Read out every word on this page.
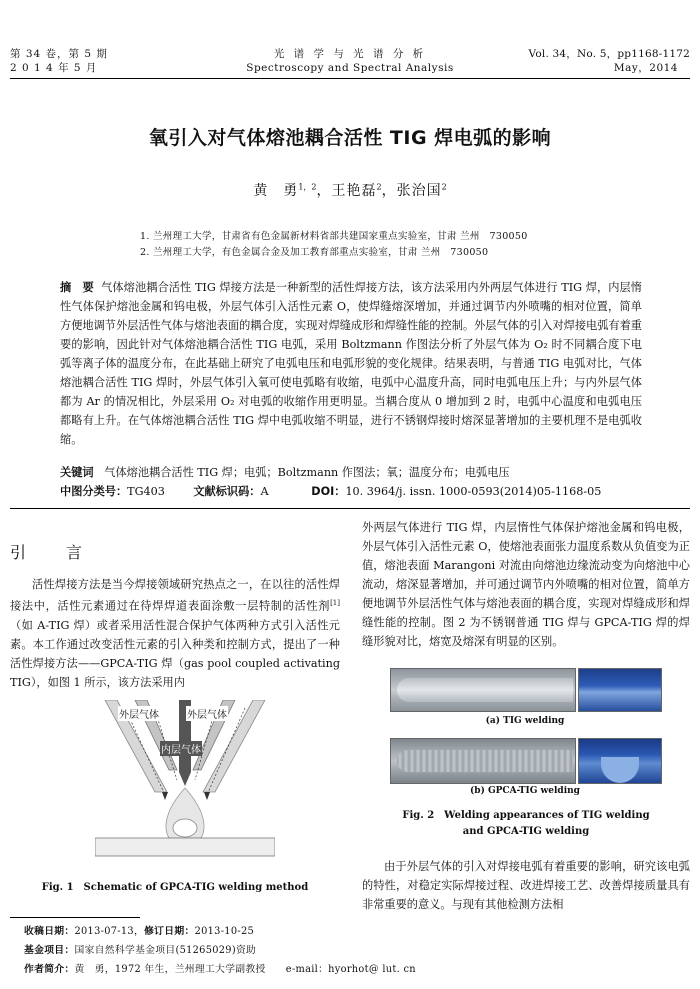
第 34 卷，第 5 期
2 0 1 4 年 5 月
光 谱 学 与 光 谱 分 析
Spectroscopy and Spectral Analysis
Vol. 34，No. 5，pp1168-1172
May，2014
氧引入对气体熔池耦合活性 TIG 焊电弧的影响
黄　勇$^{1,2}$，王艳磊$^2$，张治国$^2$
1. 兰州理工大学，甘肃省有色金属新材料省部共建国家重点实验室，甘肃 兰州　730050
2. 兰州理工大学，有色金属合金及加工教育部重点实验室，甘肃 兰州　730050
摘　要 气体熔池耦合活性 TIG 焊接方法是一种新型的活性焊接方法，该方法采用内外两层气体进行 TIG 焊，内层惰性气体保护熔池金属和钨电极，外层气体引入活性元素 O，使焊缝熔深增加，并通过调节内外喷嘴的相对位置，简单方便地调节外层活性气体与熔池表面的耦合度，实现对焊缝成形和焊缝性能的控制。外层气体的引入对焊接电弧有着重要的影响，因此针对气体熔池耦合活性 TIG 电弧，采用 Boltzmann 作图法分析了外层气体为 O₂ 时不同耦合度下电弧等离子体的温度分布，在此基础上研究了电弧电压和电弧形貌的变化规律。结果表明，与普通 TIG 电弧对比，气体熔池耦合活性 TIG 焊时，外层气体引入氧可使电弧略有收缩，电弧中心温度升高，同时电弧电压上升；与内外层气体都为 Ar 的情况相比，外层采用 O₂ 对电弧的收缩作用更明显。当耦合度从 0 增加到 2 时，电弧中心温度和电弧电压都略有上升。在气体熔池耦合活性 TIG 焊中电弧收缩不明显，进行不锈钢焊接时熔深显著增加的主要机理不是电弧收缩。
关键词 气体熔池耦合活性 TIG 焊；电弧；Boltzmann 作图法；氧；温度分布；电弧电压
中图分类号：TG403	文献标识码：A	DOI：10. 3964/j. issn. 1000-0593(2014)05-1168-05
引　言
活性焊接方法是当今焊接领域研究热点之一，在以往的活性焊接法中，活性元素通过在待焊焊道表面涂敷一层特制的活性剂[1]（如 A-TIG 焊）或者采用活性混合保护气体两种方式引入活性元素。本工作通过改变活性元素的引入种类和控制方式，提出了一种活性焊接方法——GPCA-TIG 焊（gas pool coupled activating TIG），如图 1 所示，该方法采用内
外层气体	外层气体
内层气体
Fig. 1　Schematic of GPCA-TIG welding method
外两层气体进行 TIG 焊，内层惰性气体保护熔池金属和钨电极，外层气体引入活性元素 O，使熔池表面张力温度系数从负值变为正值，熔池表面 Marangoni 对流由向熔池边缘流动变为向熔池中心流动，熔深显著增加，并可通过调节内外喷嘴的相对位置，简单方便地调节外层活性气体与熔池表面的耦合度，实现对焊缝成形和焊缝性能的控制。图 2 为不锈钢普通 TIG 焊与 GPCA-TIG 焊的焊缝形貌对比，熔宽及熔深有明显的区别。
(a) TIG welding
(b) GPCA-TIG welding
Fig. 2　Welding appearances of TIG welding
and GPCA-TIG welding
由于外层气体的引入对焊接电弧有着重要的影响，研究该电弧的特性，对稳定实际焊接过程、改进焊接工艺、改善焊接质量具有非常重要的意义。与现有其他检测方法相
收稿日期：2013-07-13，修订日期：2013-10-25
基金项目：国家自然科学基金项目(51265029)资助
作者简介：黄　勇，1972 年生，兰州理工大学副教授　　e-mail：hyorhot@ lut. cn
